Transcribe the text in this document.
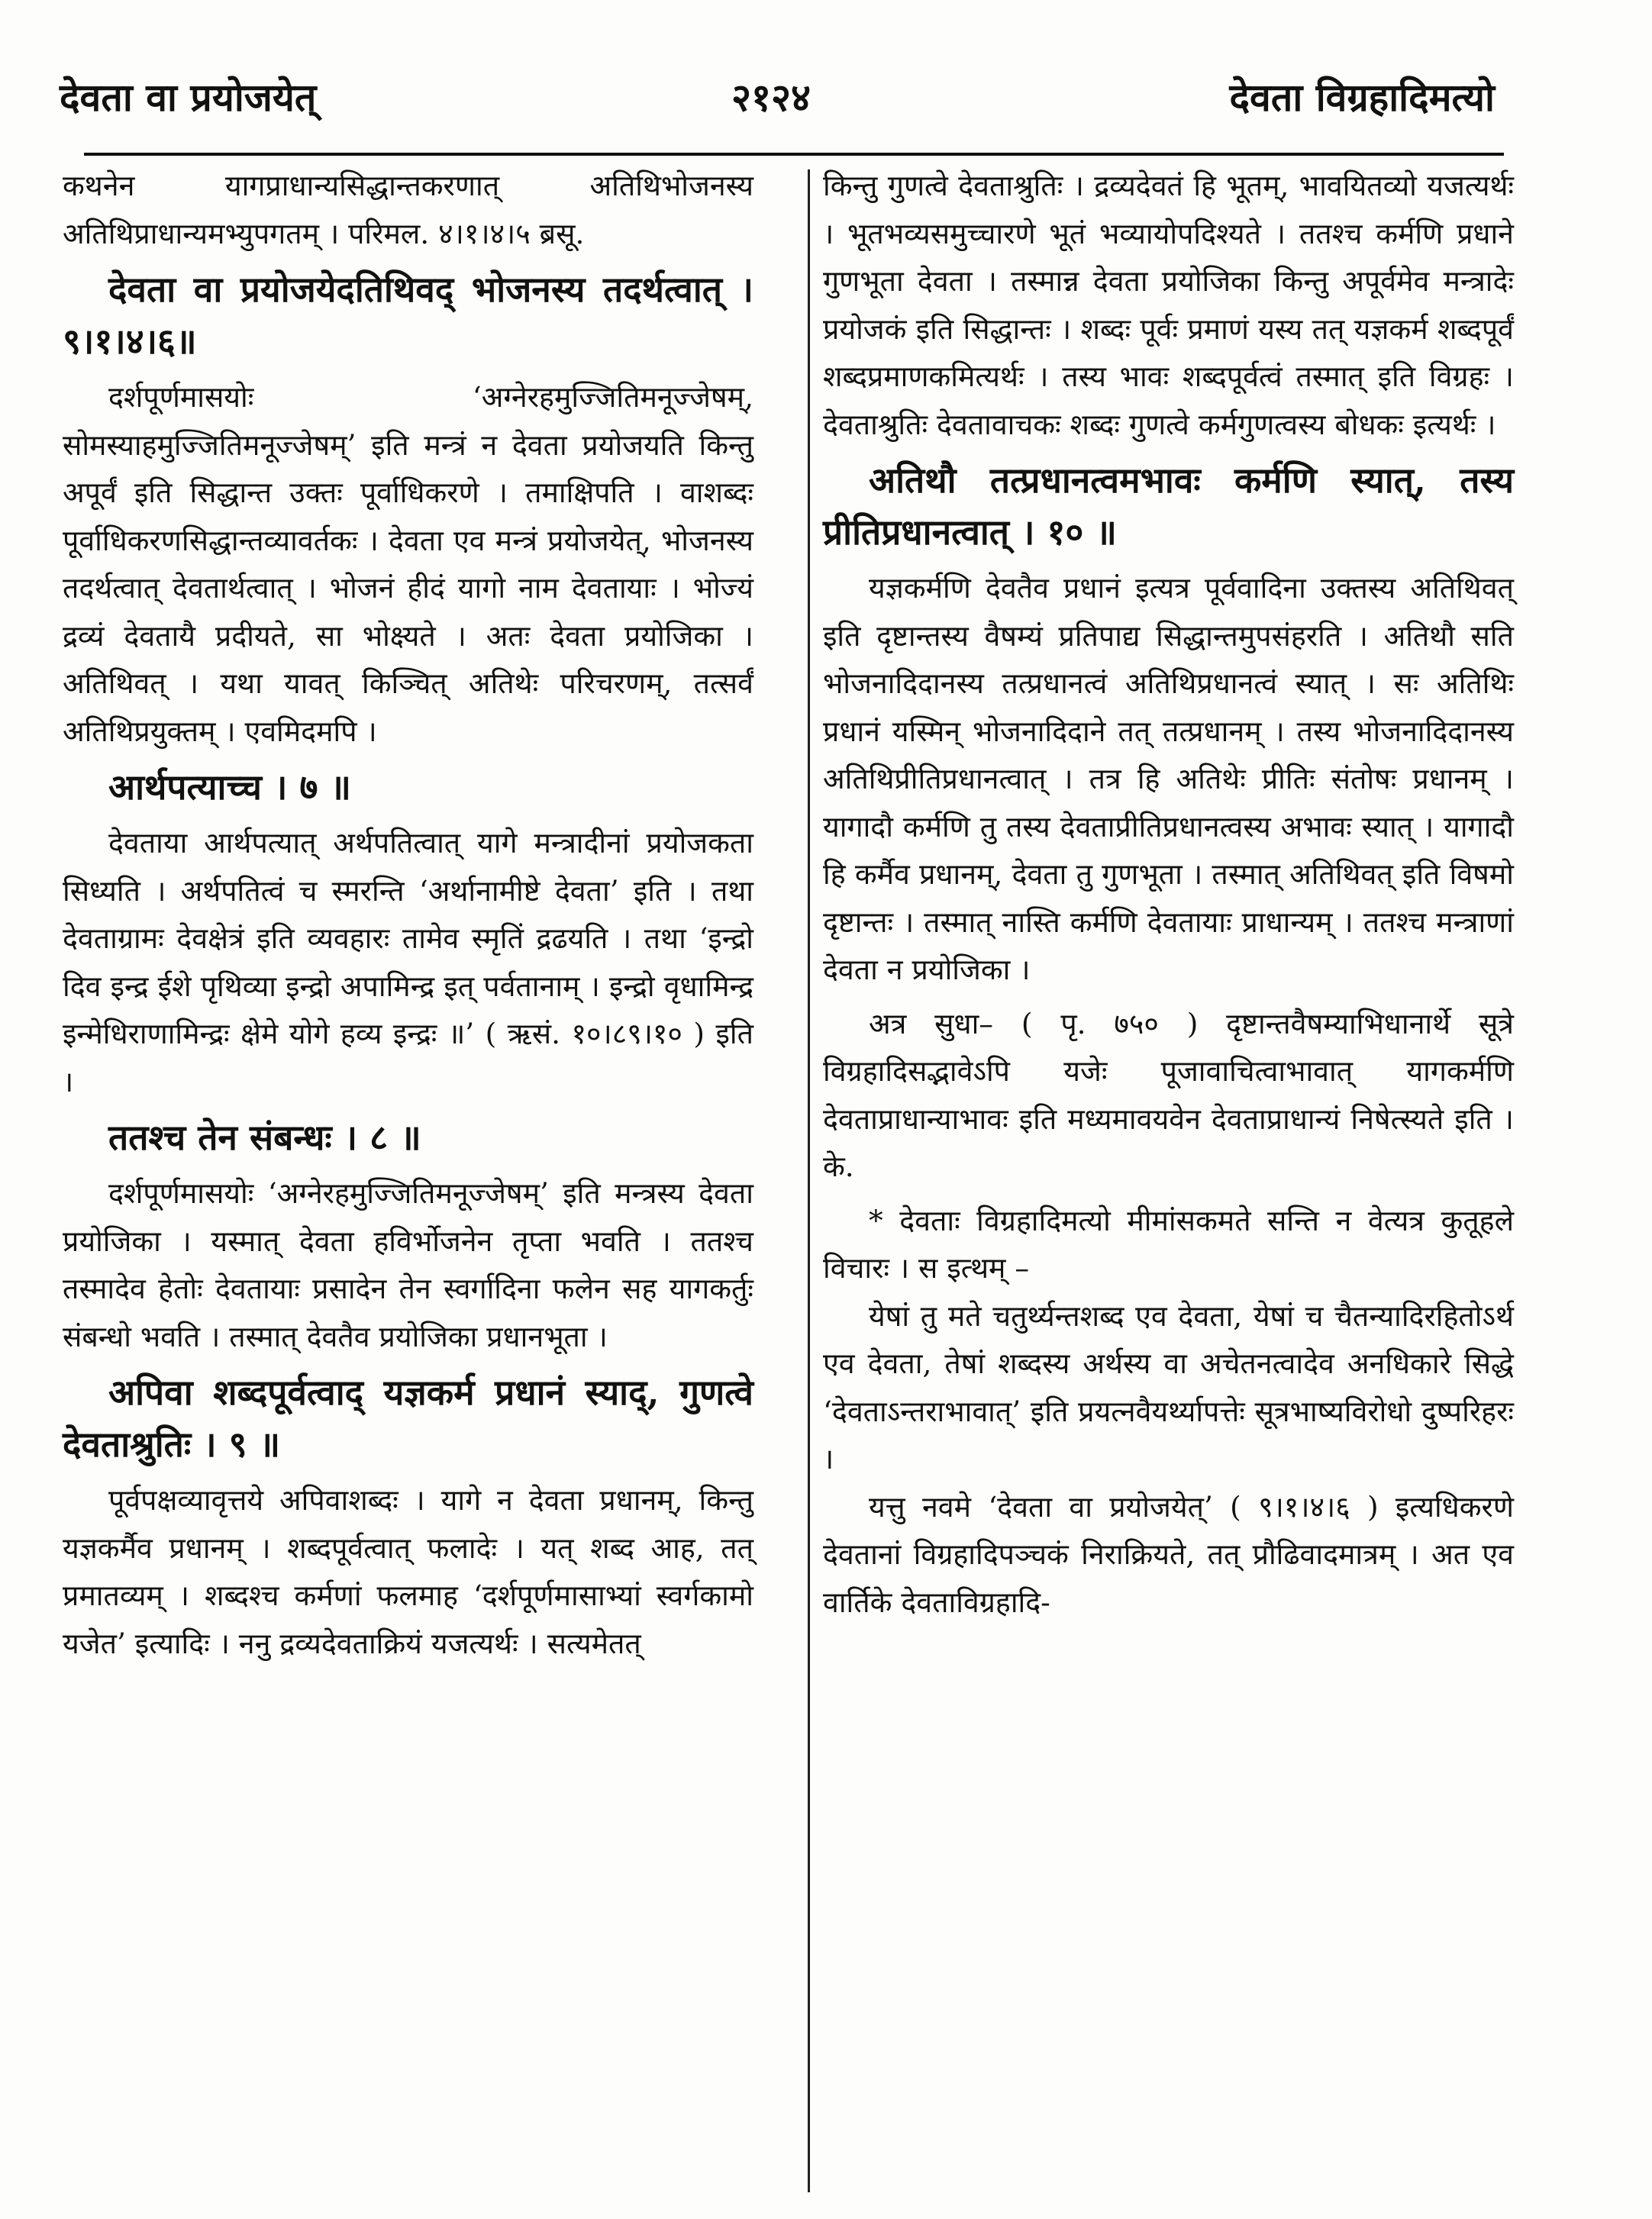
देवता वा प्रयोजयेत्	२१२४	देवता विग्रहादिमत्यो

कथनेन यागप्राधान्यसिद्धान्तकरणात् अतिथिभोजनस्य अतिथिप्राधान्यमभ्युपगतम् । परिमल. ४।१।४।५ ब्रसू.

देवता वा प्रयोजयेदतिथिवद् भोजनस्य तदर्थत्वात् । ९।१।४।६॥

दर्शपूर्णमासयोः ‘अग्नेरहमुज्जितिमनूज्जेषम्, सोमस्याहमुज्जितिमनूज्जेषम्’ इति मन्त्रं न देवता प्रयोजयति किन्तु अपूर्वं इति सिद्धान्त उक्तः पूर्वाधिकरणे । तमाक्षिपति । वाशब्दः पूर्वाधिकरणसिद्धान्तव्यावर्तकः । देवता एव मन्त्रं प्रयोजयेत्, भोजनस्य तदर्थत्वात् देवतार्थत्वात् । भोजनं हीदं यागो नाम देवतायाः । भोज्यं द्रव्यं देवतायै प्रदीयते, सा भोक्ष्यते । अतः देवता प्रयोजिका । अतिथिवत् । यथा यावत् किञ्चित् अतिथेः परिचरणम्, तत्सर्वं अतिथिप्रयुक्तम् । एवमिदमपि ।

आर्थपत्याच्च । ७ ॥

देवताया आर्थपत्यात् अर्थपतित्वात् यागे मन्त्रादीनां प्रयोजकता सिध्यति । अर्थपतित्वं च स्मरन्ति ‘अर्थानामीष्टे देवता’ इति । तथा देवताग्रामः देवक्षेत्रं इति व्यवहारः तामेव स्मृतिं द्रढयति । तथा ‘इन्द्रो दिव इन्द्र ईशे पृथिव्या इन्द्रो अपामिन्द्र इत् पर्वतानाम् । इन्द्रो वृधामिन्द्र इन्मेधिराणामिन्द्रः क्षेमे योगे हव्य इन्द्रः ॥’ ( ऋसं. १०।८९।१० ) इति ।

ततश्च तेन संबन्धः । ८ ॥

दर्शपूर्णमासयोः ‘अग्नेरहमुज्जितिमनूज्जेषम्’ इति मन्त्रस्य देवता प्रयोजिका । यस्मात् देवता हविर्भोजनेन तृप्ता भवति । ततश्च तस्मादेव हेतोः देवतायाः प्रसादेन तेन स्वर्गादिना फलेन सह यागकर्तुः संबन्धो भवति । तस्मात् देवतैव प्रयोजिका प्रधानभूता ।

अपिवा शब्दपूर्वत्वाद् यज्ञकर्म प्रधानं स्याद्, गुणत्वे देवताश्रुतिः । ९ ॥

पूर्वपक्षव्यावृत्तये अपिवाशब्दः । यागे न देवता प्रधानम्, किन्तु यज्ञकर्मैव प्रधानम् । शब्दपूर्वत्वात् फलादेः । यत् शब्द आह, तत् प्रमातव्यम् । शब्दश्च कर्मणां फलमाह ‘दर्शपूर्णमासाभ्यां स्वर्गकामो यजेत’ इत्यादिः । ननु द्रव्यदेवताक्रियं यजत्यर्थः । सत्यमेतत्

किन्तु गुणत्वे देवताश्रुतिः । द्रव्यदेवतं हि भूतम्, भावयितव्यो यजत्यर्थः । भूतभव्यसमुच्चारणे भूतं भव्यायोपदिश्यते । ततश्च कर्मणि प्रधाने गुणभूता देवता । तस्मान्न देवता प्रयोजिका किन्तु अपूर्वमेव मन्त्रादेः प्रयोजकं इति सिद्धान्तः । शब्दः पूर्वः प्रमाणं यस्य तत् यज्ञकर्म शब्दपूर्वं शब्दप्रमाणकमित्यर्थः । तस्य भावः शब्दपूर्वत्वं तस्मात् इति विग्रहः । देवताश्रुतिः देवतावाचकः शब्दः गुणत्वे कर्मगुणत्वस्य बोधकः इत्यर्थः ।

अतिथौ तत्प्रधानत्वमभावः कर्मणि स्यात्, तस्य प्रीतिप्रधानत्वात् । १० ॥

यज्ञकर्मणि देवतैव प्रधानं इत्यत्र पूर्ववादिना उक्तस्य अतिथिवत् इति दृष्टान्तस्य वैषम्यं प्रतिपाद्य सिद्धान्तमुपसंहरति । अतिथौ सति भोजनादिदानस्य तत्प्रधानत्वं अतिथिप्रधानत्वं स्यात् । सः अतिथिः प्रधानं यस्मिन् भोजनादिदाने तत् तत्प्रधानम् । तस्य भोजनादिदानस्य अतिथिप्रीतिप्रधानत्वात् । तत्र हि अतिथेः प्रीतिः संतोषः प्रधानम् । यागादौ कर्मणि तु तस्य देवताप्रीतिप्रधानत्वस्य अभावः स्यात् । यागादौ हि कर्मैव प्रधानम्, देवता तु गुणभूता । तस्मात् अतिथिवत् इति विषमो दृष्टान्तः । तस्मात् नास्ति कर्मणि देवतायाः प्राधान्यम् । ततश्च मन्त्राणां देवता न प्रयोजिका ।

अत्र सुधा– ( पृ. ७५० ) दृष्टान्तवैषम्याभिधानार्थे सूत्रे विग्रहादिसद्भावेऽपि यजेः पूजावाचित्वाभावात् यागकर्मणि देवताप्राधान्याभावः इति मध्यमावयवेन देवताप्राधान्यं निषेत्स्यते इति । के.

* देवताः विग्रहादिमत्यो मीमांसकमते सन्ति न वेत्यत्र कुतूहले विचारः । स इत्थम् –

येषां तु मते चतुर्थ्यन्तशब्द एव देवता, येषां च चैतन्यादिरहितोऽर्थ एव देवता, तेषां शब्दस्य अर्थस्य वा अचेतनत्वादेव अनधिकारे सिद्धे ‘देवताऽन्तराभावात्’ इति प्रयत्नवैयर्थ्यापत्तेः सूत्रभाष्यविरोधो दुष्परिहरः ।

यत्तु नवमे ‘देवता वा प्रयोजयेत्’ ( ९।१।४।६ ) इत्यधिकरणे देवतानां विग्रहादिपञ्चकं निराक्रियते, तत् प्रौढिवादमात्रम् । अत एव वार्तिके देवताविग्रहादि-
